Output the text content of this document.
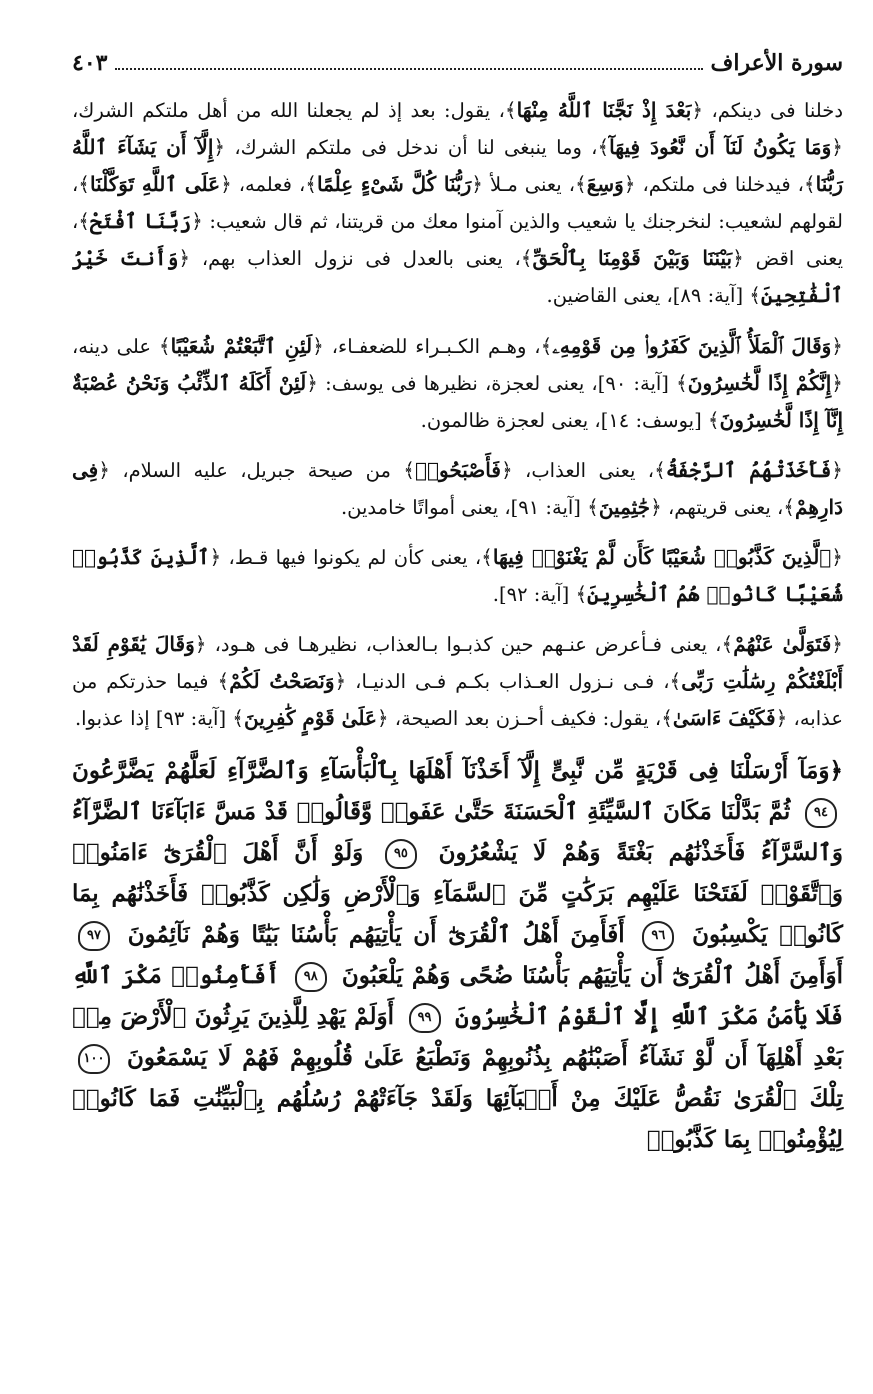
سورة الأعراف
٤٠٣

دخلنا فى دينكم، ﴿ بَعْدَ إِذْ نَجَّنَا ٱللَّهُ مِنْهَا ﴾، يقول: بعد إذ لم يجعلنا الله من أهل ملتكم الشرك، ﴿ وَمَا يَكُونُ لَنَآ أَن نَّعُودَ فِيهَآ ﴾، وما ينبغى لنا أن ندخل فى ملتكم الشرك، ﴿ إِلَّآ أَن يَشَآءَ ٱللَّهُ رَبُّنَا ﴾، فيدخلنا فى ملتكم، ﴿ وَسِعَ ﴾، يعنى مـلأ ﴿ رَبُّنَا كُلَّ شَىْءٍ عِلْمًا ﴾، فعلمه، ﴿ عَلَى ٱللَّهِ تَوَكَّلْنَا ﴾، لقولهم لشعيب: لنخرجنك يا شعيب والذين آمنوا معك من قريتنا، ثم قال شعيب: ﴿ رَبَّنَا ٱفْتَحْ ﴾، يعنى اقض ﴿ بَيْنَنَا وَبَيْنَ قَوْمِنَا بِٱلْحَقِّ ﴾، يعنى بالعدل فى نزول العذاب بهم، ﴿ وَأَنتَ خَيْرُ ٱلْفَٰتِحِينَ ﴾ [آية: ٨٩]، يعنى القاضين.

﴿ وَقَالَ ٱلْمَلَأُ ٱلَّذِينَ كَفَرُوا۟ مِن قَوْمِهِۦ ﴾، وهـم الكـبـراء للضعفـاء، ﴿ لَئِنِ ٱتَّبَعْتُمْ شُعَيْبًا ﴾ على دينه، ﴿ إِنَّكُمْ إِذًا لَّخَٰسِرُونَ ﴾ [آية: ٩٠]، يعنى لعجزة، نظيرها فى يوسف: ﴿ لَئِنْ أَكَلَهُ ٱلذِّئْبُ وَنَحْنُ عُصْبَةٌ إِنَّآ إِذًا لَّخَٰسِرُونَ ﴾ [يوسف: ١٤]، يعنى لعجزة ظالمون.

﴿ فَأَخَذَتْهُمُ ٱلرَّجْفَةُ ﴾، يعنى العذاب، ﴿ فَأَصْبَحُوا۟ ﴾ من صيحة جبريل، عليه السلام، ﴿ فِى دَارِهِمْ ﴾، يعنى قريتهم، ﴿ جَٰثِمِينَ ﴾ [آية: ٩١]، يعنى أمواتًا خامدين.

﴿ ٱلَّذِينَ كَذَّبُوا۟ شُعَيْبًا كَأَن لَّمْ يَغْنَوْا۟ فِيهَا ﴾، يعنى كأن لم يكونوا فيها قـط، ﴿ ٱلَّذِينَ كَذَّبُوا۟ شُعَيْبًا كَانُوا۟ هُمُ ٱلْخَٰسِرِينَ ﴾ [آية: ٩٢].

﴿ فَتَوَلَّىٰ عَنْهُمْ ﴾، يعنى فـأعرض عنـهم حين كذبـوا بـالعذاب، نظيرهـا فى هـود، ﴿ وَقَالَ يَٰقَوْمِ لَقَدْ أَبْلَغْتُكُمْ رِسَٰلَٰتِ رَبِّى ﴾، فـى نـزول العـذاب بكـم فـى الدنيـا، ﴿ وَنَصَحْتُ لَكُمْ ﴾ فيما حذرتكم من عذابه، ﴿ فَكَيْفَ ءَاسَىٰ ﴾، يقول: فكيف أحـزن بعد الصيحة، ﴿ عَلَىٰ قَوْمٍ كَٰفِرِينَ ﴾ [آية: ٩٣] إذا عذبوا.

﴿وَمَآ أَرْسَلْنَا فِى قَرْيَةٍ مِّن نَّبِىٍّ إِلَّآ أَخَذْنَآ أَهْلَهَا بِٱلْبَأْسَآءِ وَٱلضَّرَّآءِ لَعَلَّهُمْ يَضَّرَّعُونَ ٩٤ ثُمَّ بَدَّلْنَا مَكَانَ ٱلسَّيِّئَةِ ٱلْحَسَنَةَ حَتَّىٰ عَفَوا۟ وَّقَالُوا۟ قَدْ مَسَّ ءَابَآءَنَا ٱلضَّرَّآءُ وَٱلسَّرَّآءُ فَأَخَذْنَٰهُم بَغْتَةً وَهُمْ لَا يَشْعُرُونَ ٩٥ وَلَوْ أَنَّ أَهْلَ ٱلْقُرَىٰٓ ءَامَنُوا۟ وَٱتَّقَوْا۟ لَفَتَحْنَا عَلَيْهِم بَرَكَٰتٍ مِّنَ ٱلسَّمَآءِ وَٱلْأَرْضِ وَلَٰكِن كَذَّبُوا۟ فَأَخَذْنَٰهُم بِمَا كَانُوا۟ يَكْسِبُونَ ٩٦ أَفَأَمِنَ أَهْلُ ٱلْقُرَىٰٓ أَن يَأْتِيَهُم بَأْسُنَا بَيَٰتًا وَهُمْ نَآئِمُونَ ٩٧ أَوَأَمِنَ أَهْلُ ٱلْقُرَىٰٓ أَن يَأْتِيَهُم بَأْسُنَا ضُحًى وَهُمْ يَلْعَبُونَ ٩٨ أَفَأَمِنُوا۟ مَكْرَ ٱللَّهِ فَلَا يَأْمَنُ مَكْرَ ٱللَّهِ إِلَّا ٱلْقَوْمُ ٱلْخَٰسِرُونَ ٩٩ أَوَلَمْ يَهْدِ لِلَّذِينَ يَرِثُونَ ٱلْأَرْضَ مِنۢ بَعْدِ أَهْلِهَآ أَن لَّوْ نَشَآءُ أَصَبْنَٰهُم بِذُنُوبِهِمْ وَنَطْبَعُ عَلَىٰ قُلُوبِهِمْ فَهُمْ لَا يَسْمَعُونَ ١٠٠ تِلْكَ ٱلْقُرَىٰ نَقُصُّ عَلَيْكَ مِنْ أَنۢبَآئِهَا وَلَقَدْ جَآءَتْهُمْ رُسُلُهُم بِٱلْبَيِّنَٰتِ فَمَا كَانُوا۟ لِيُؤْمِنُوا۟ بِمَا كَذَّبُوا۟
